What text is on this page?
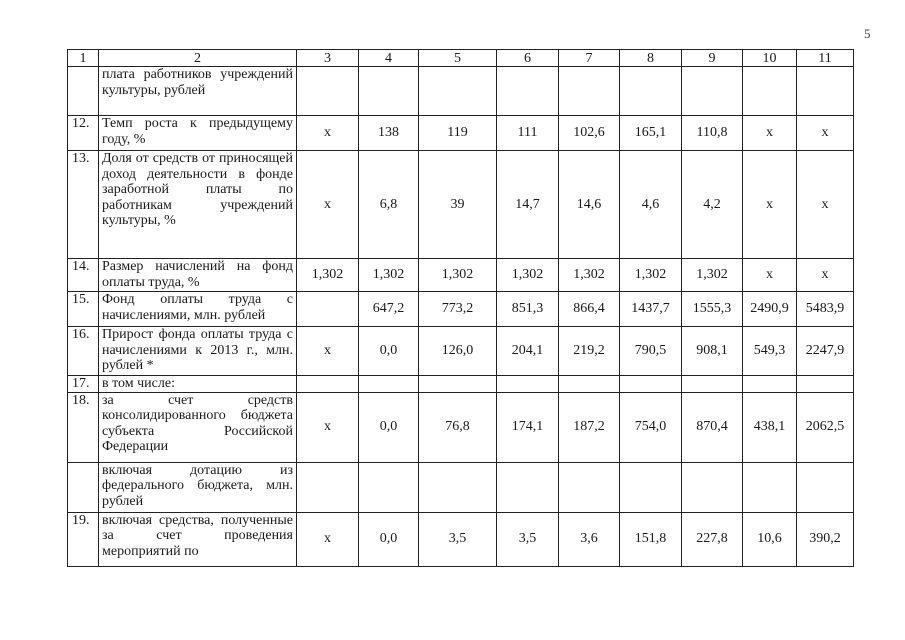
5
1	2	3	4	5	6	7	8	9	10	11
	плата работников учреждений культуры, рублей									
12.	Темп роста к предыдущему году, %	х	138	119	111	102,6	165,1	110,8	х	х
13.	Доля от средств от приносящей доход деятельности в фонде заработной платы по работникам учреждений культуры, %	х	6,8	39	14,7	14,6	4,6	4,2	х	х
14.	Размер начислений на фонд оплаты труда, %	1,302	1,302	1,302	1,302	1,302	1,302	1,302	х	х
15.	Фонд оплаты труда с начислениями, млн. рублей		647,2	773,2	851,3	866,4	1437,7	1555,3	2490,9	5483,9
16.	Прирост фонда оплаты труда с начислениями к 2013 г., млн. рублей *	х	0,0	126,0	204,1	219,2	790,5	908,1	549,3	2247,9
17.	в том числе:									
18.	за счет средств консолидированного бюджета субъекта Российской Федерации	х	0,0	76,8	174,1	187,2	754,0	870,4	438,1	2062,5
	включая дотацию из федерального бюджета, млн. рублей									
19.	включая средства, полученные за счет проведения мероприятий по	х	0,0	3,5	3,5	3,6	151,8	227,8	10,6	390,2
